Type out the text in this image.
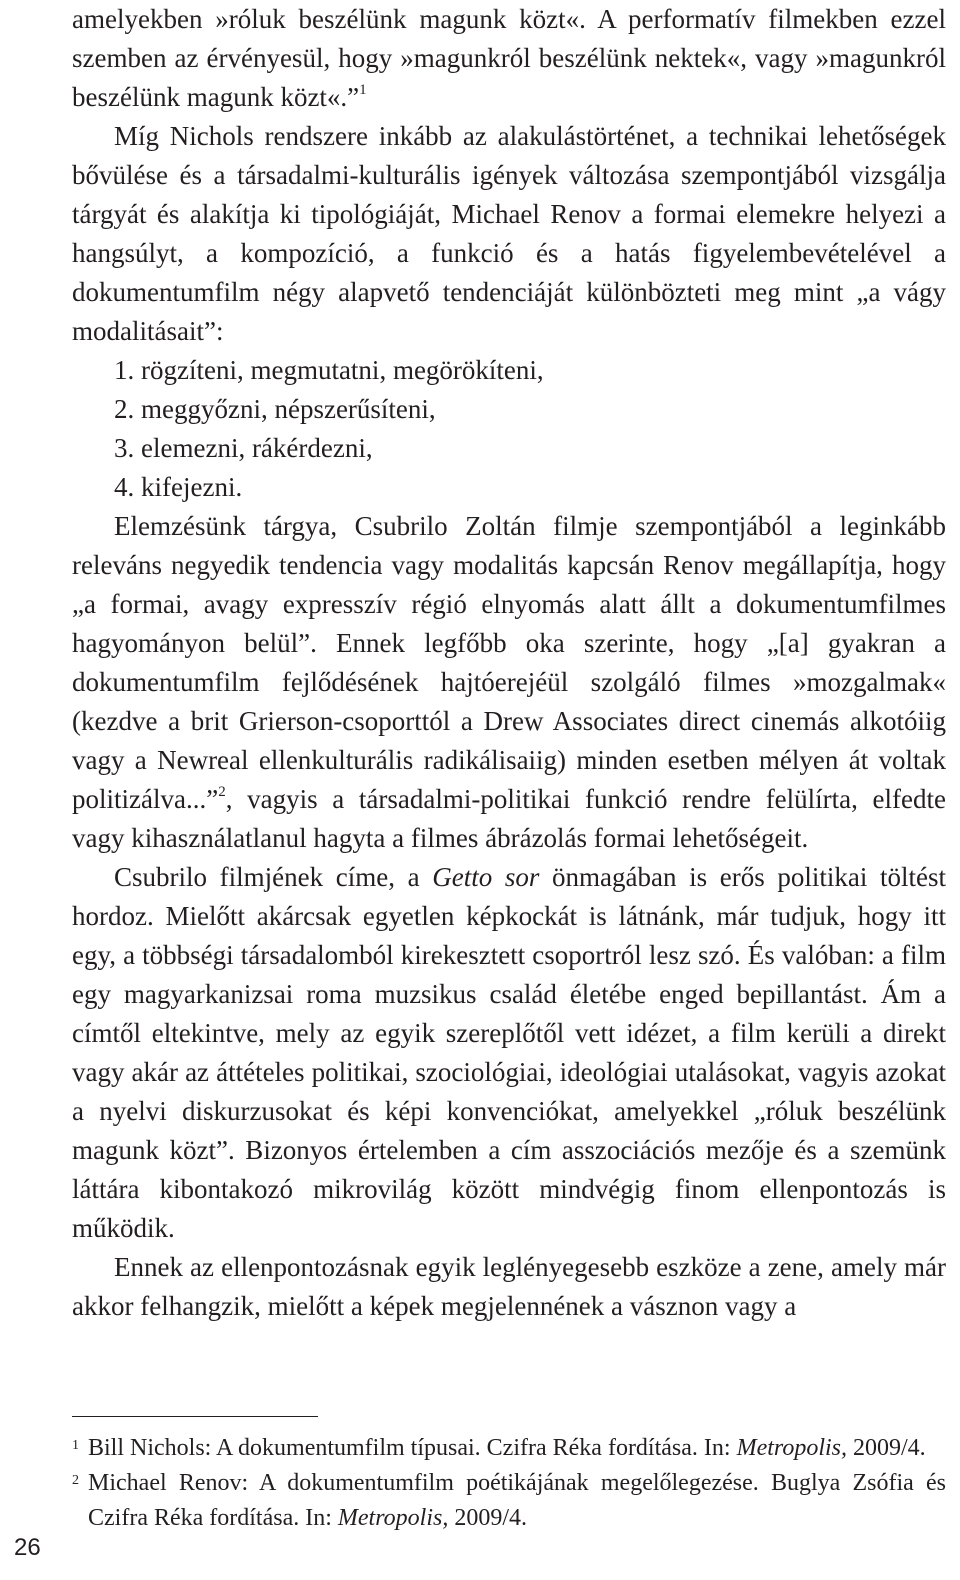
amelyekben »róluk beszélünk magunk közt«. A performatív filmekben ezzel szemben az érvényesül, hogy »magunkról beszélünk nektek«, vagy »magunkról beszélünk magunk közt«.”$^1$

Míg Nichols rendszere inkább az alakulástörténet, a technikai lehetőségek bővülése és a társadalmi-kulturális igények változása szempontjából vizsgálja tárgyát és alakítja ki tipológiáját, Michael Renov a formai elemekre helyezi a hangsúlyt, a kompozíció, a funkció és a hatás figyelembevételével a dokumentumfilm négy alapvető tendenciáját különbözteti meg mint „a vágy modalitásait”:

1. rögzíteni, megmutatni, megörökíteni,

2. meggyőzni, népszerűsíteni,

3. elemezni, rákérdezni,

4. kifejezni.

Elemzésünk tárgya, Csubrilo Zoltán filmje szempontjából a leginkább releváns negyedik tendencia vagy modalitás kapcsán Renov megállapítja, hogy „a formai, avagy expresszív régió elnyomás alatt állt a dokumentumfilmes hagyományon belül”. Ennek legfőbb oka szerinte, hogy „[a] gyakran a dokumentumfilm fejlődésének hajtóerejéül szolgáló filmes »mozgalmak« (kezdve a brit Grierson-csoporttól a Drew Associates direct cinemás alkotóiig vagy a Newreal ellenkulturális radikálisaiig) minden esetben mélyen át voltak politizálva...”$^2$, vagyis a társadalmi-politikai funkció rendre felülírta, elfedte vagy kihasználatlanul hagyta a filmes ábrázolás formai lehetőségeit.

Csubrilo filmjének címe, a Getto sor önmagában is erős politikai töltést hordoz. Mielőtt akárcsak egyetlen képkockát is látnánk, már tudjuk, hogy itt egy, a többségi társadalomból kirekesztett csoportról lesz szó. És valóban: a film egy magyarkanizsai roma muzsikus család életébe enged bepillantást. Ám a címtől eltekintve, mely az egyik szereplőtől vett idézet, a film kerüli a direkt vagy akár az áttételes politikai, szociológiai, ideológiai utalásokat, vagyis azokat a nyelvi diskurzusokat és képi konvenciókat, amelyekkel „róluk beszélünk magunk közt”. Bizonyos értelemben a cím asszociációs mezője és a szemünk láttára kibontakozó mikrovilág között mindvégig finom ellenpontozás is működik.

Ennek az ellenpontozásnak egyik leglényegesebb eszköze a zene, amely már akkor felhangzik, mielőtt a képek megjelennének a vásznon vagy a

1 Bill Nichols: A dokumentumfilm típusai. Czifra Réka fordítása. In: Metropolis, 2009/4.

2 Michael Renov: A dokumentumfilm poétikájának megelőlegezése. Buglya Zsófia és Czifra Réka fordítása. In: Metropolis, 2009/4.

26
